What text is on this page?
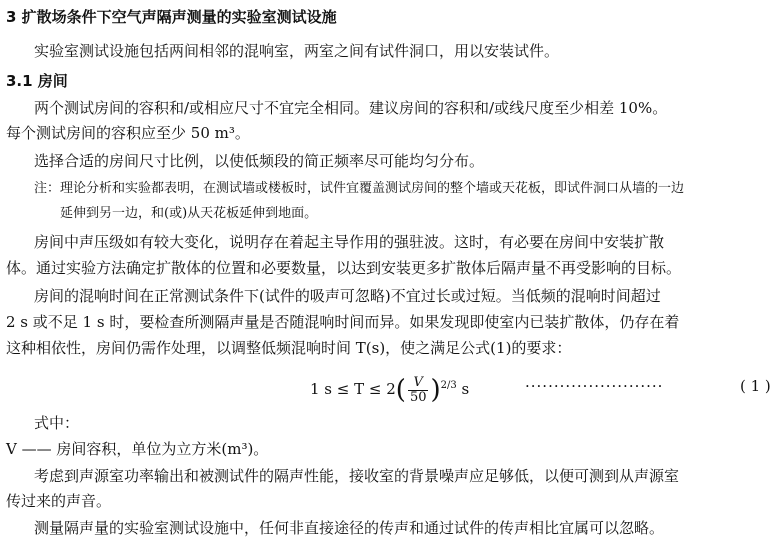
3 扩散场条件下空气声隔声测量的实验室测试设施
实验室测试设施包括两间相邻的混响室，两室之间有试件洞口，用以安装试件。
3.1 房间
两个测试房间的容积和/或相应尺寸不宜完全相同。建议房间的容积和/或线尺度至少相差 10%。
每个测试房间的容积应至少 50 m³。
选择合适的房间尺寸比例，以使低频段的简正频率尽可能均匀分布。
注：理论分析和实验都表明，在测试墙或楼板时，试件宜覆盖测试房间的整个墙或天花板，即试件洞口从墙的一边
延伸到另一边，和(或)从天花板延伸到地面。
房间中声压级如有较大变化，说明存在着起主导作用的强驻波。这时，有必要在房间中安装扩散
体。通过实验方法确定扩散体的位置和必要数量，以达到安装更多扩散体后隔声量不再受影响的目标。
房间的混响时间在正常测试条件下(试件的吸声可忽略)不宜过长或过短。当低频的混响时间超过
2 s 或不足 1 s 时，要检查所测隔声量是否随混响时间而异。如果发现即使室内已装扩散体，仍存在着
这种相依性，房间仍需作处理，以调整低频混响时间 T(s)，使之满足公式(1)的要求：
1 $s \le T \le 2( \frac{V}{50} )^{2/3}$ s	························	( 1 )
式中：
V —— 房间容积，单位为立方米(m³)。
考虑到声源室功率输出和被测试件的隔声性能，接收室的背景噪声应足够低，以便可测到从声源室
传过来的声音。
测量隔声量的实验室测试设施中，任何非直接途径的传声和通过试件的传声相比宜属可以忽略。
